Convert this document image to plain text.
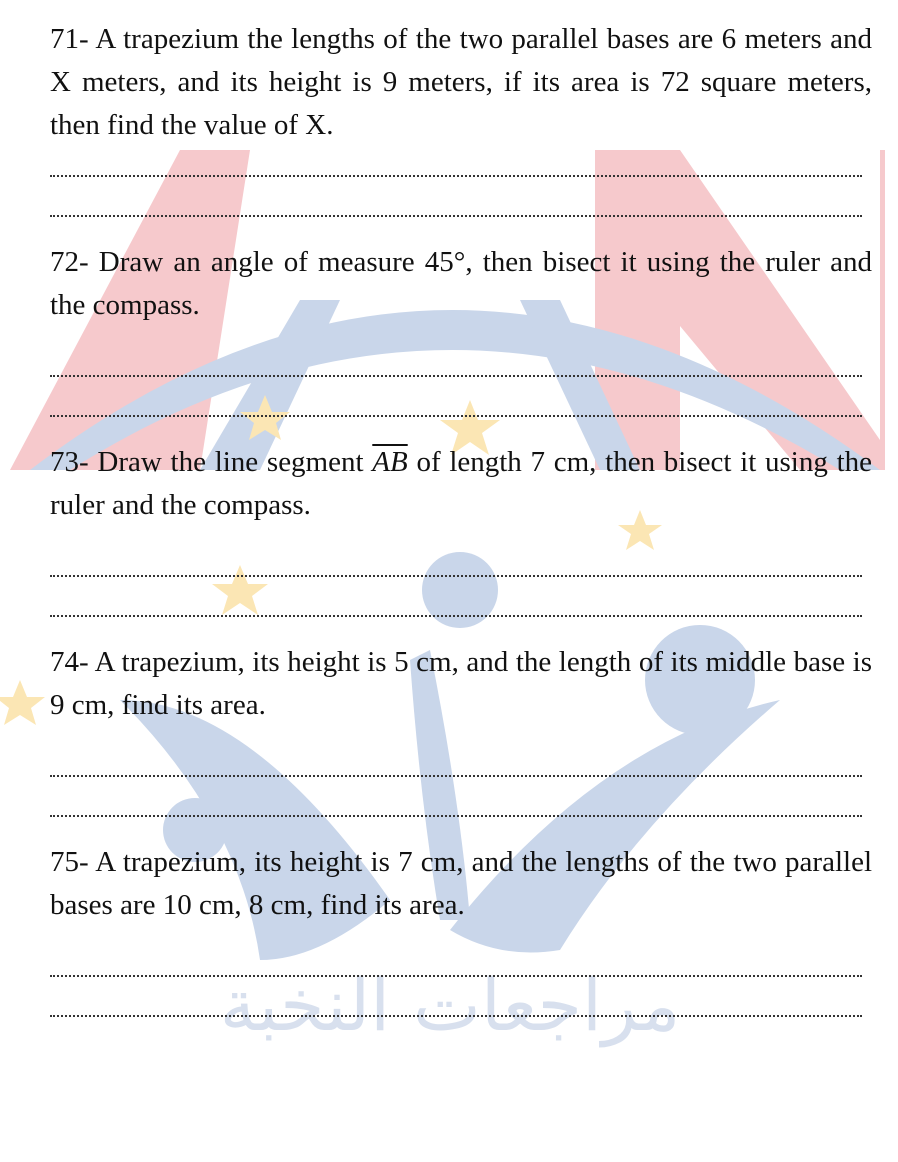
مراجعات النخبة

71- A trapezium the lengths of the two parallel bases are 6 meters and X meters, and its height is 9 meters, if its area is 72 square meters, then find the value of X.

72- Draw an angle of measure 45°, then bisect it using the ruler and the compass.

73- Draw the line segment $\overline{AB}$ of length 7 cm, then bisect it using the ruler and the compass.

74- A trapezium, its height is 5 cm, and the length of its middle base is 9 cm, find its area.

75- A trapezium, its height is 7 cm, and the lengths of the two parallel bases are 10 cm, 8 cm, find its area.
